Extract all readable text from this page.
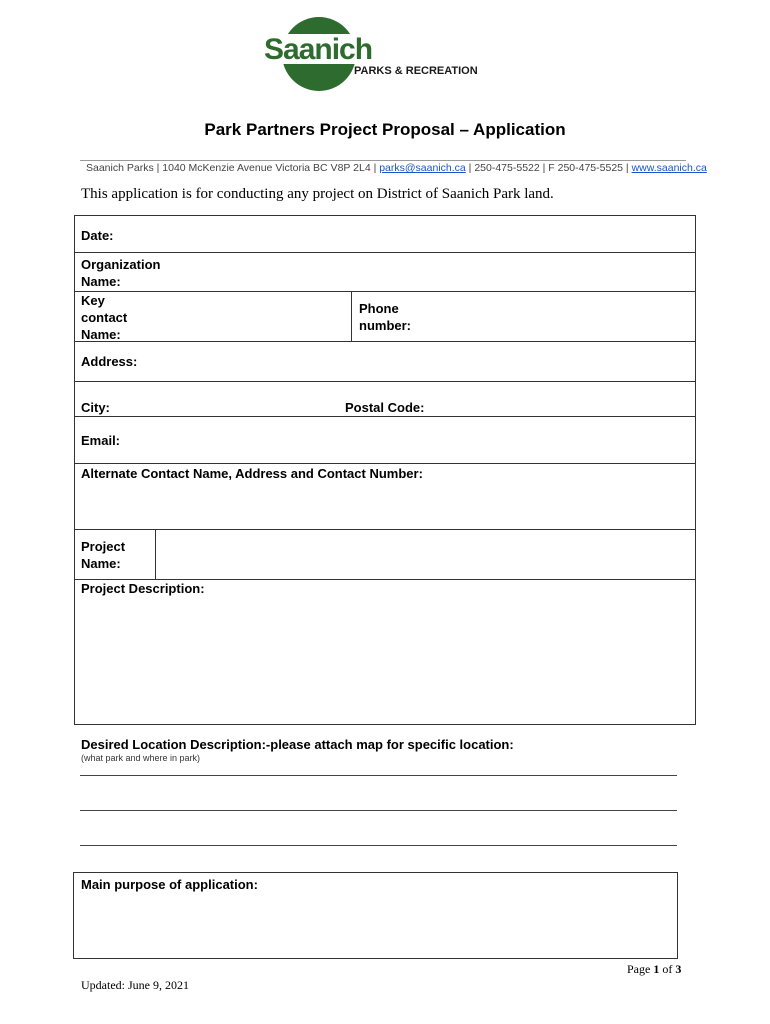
Saanich
PARKS & RECREATION
Park Partners Project Proposal – Application
Saanich Parks | 1040 McKenzie Avenue Victoria BC V8P 2L4 | parks@saanich.ca | 250-475-5522 | F 250-475-5525 | www.saanich.ca
This application is for conducting any project on District of Saanich Park land.
Date:
Organization
Name:
Key
contact
Name:
Phone
number:
Address:
City:	Postal Code:
Email:
Alternate Contact Name, Address and Contact Number:
Project
Name:
Project Description:
Desired Location Description:-please attach map for specific location:
(what park and where in park)
Main purpose of application:
Page 1 of 3
Updated: June 9, 2021
